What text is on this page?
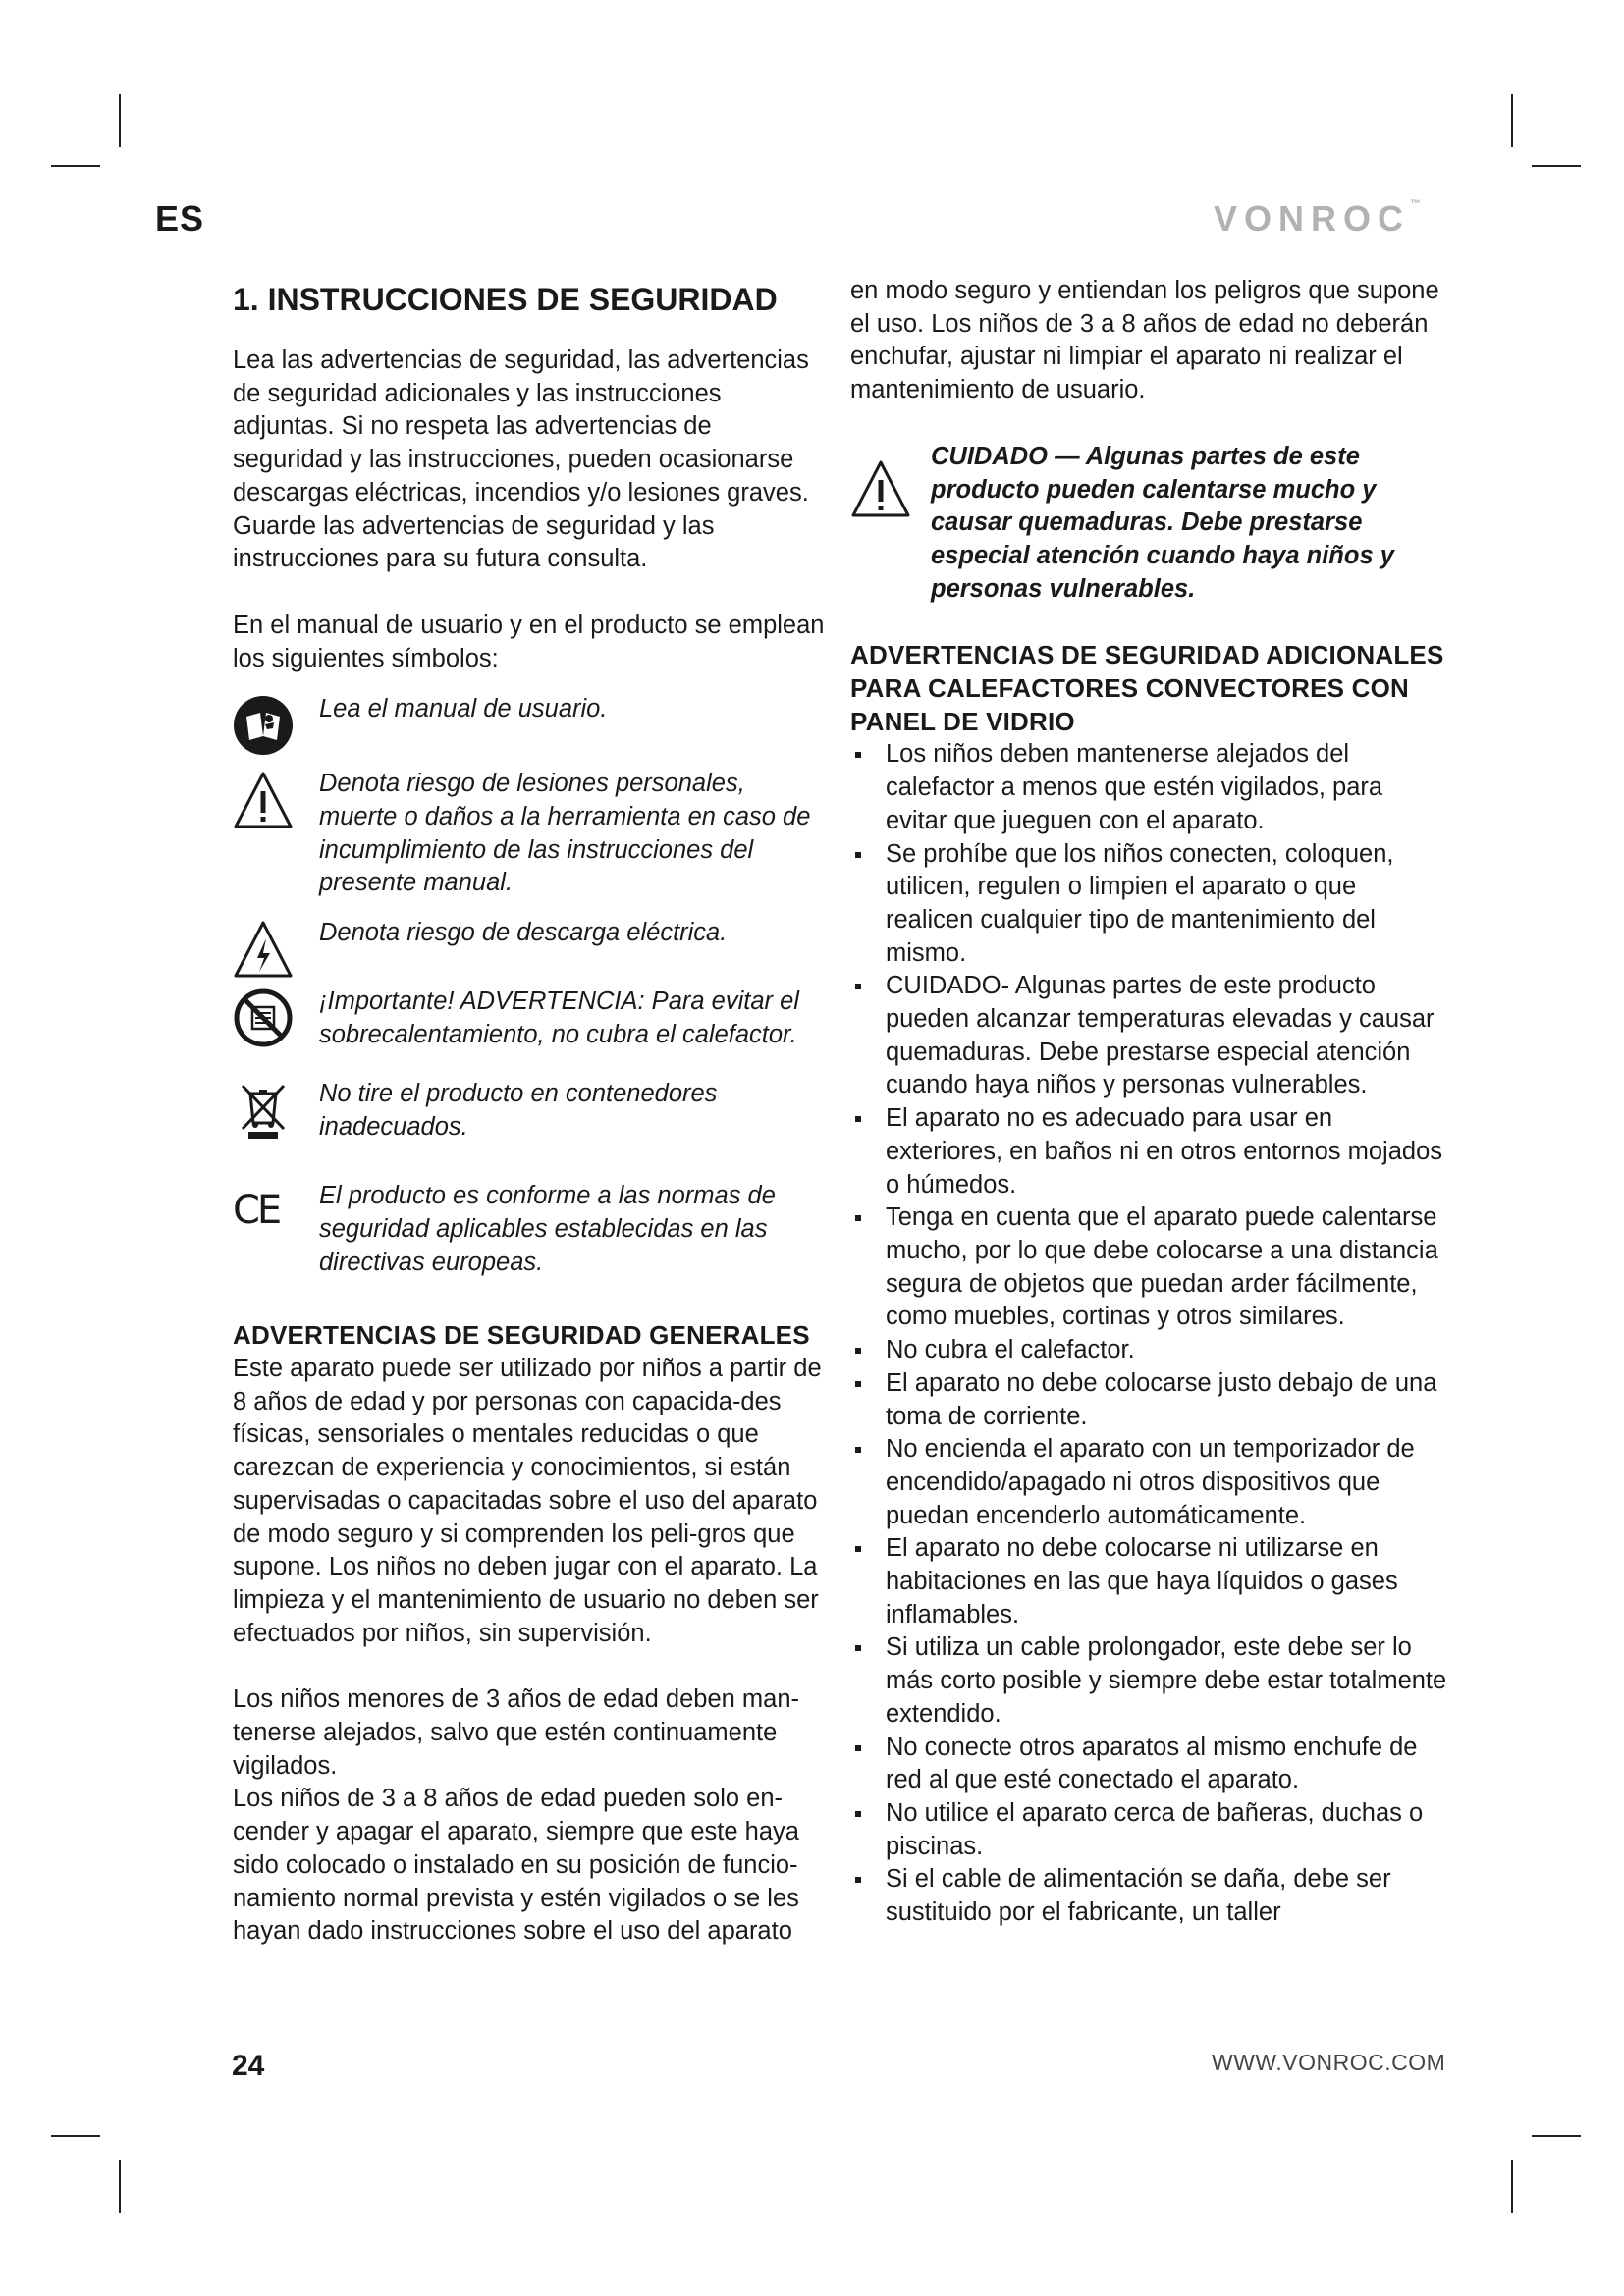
ES	VONROC™
1. INSTRUCCIONES DE SEGURIDAD

Lea las advertencias de seguridad, las advertencias de seguridad adicionales y las instrucciones adjuntas. Si no respeta las advertencias de seguridad y las instrucciones, pueden ocasionarse descargas eléctricas, incendios y/o lesiones graves. Guarde las advertencias de seguridad y las instrucciones para su futura consulta.

En el manual de usuario y en el producto se emplean los siguientes símbolos:

Lea el manual de usuario.
Denota riesgo de lesiones personales, muerte o daños a la herramienta en caso de incumplimiento de las instrucciones del presente manual.
Denota riesgo de descarga eléctrica.
¡Importante! ADVERTENCIA: Para evitar el sobrecalentamiento, no cubra el calefactor.
No tire el producto en contenedores inadecuados.
CE	El producto es conforme a las normas de seguridad aplicables establecidas en las directivas europeas.
ADVERTENCIAS DE SEGURIDAD GENERALES

Este aparato puede ser utilizado por niños a partir de 8 años de edad y por personas con capacida-des físicas, sensoriales o mentales reducidas o que carezcan de experiencia y conocimientos, si están supervisadas o capacitadas sobre el uso del aparato de modo seguro y si comprenden los peli-gros que supone. Los niños no deben jugar con el aparato. La limpieza y el mantenimiento de usuario no deben ser efectuados por niños, sin supervisión.

Los niños menores de 3 años de edad deben man-tenerse alejados, salvo que estén continuamente vigilados.

Los niños de 3 a 8 años de edad pueden solo en-cender y apagar el aparato, siempre que este haya sido colocado o instalado en su posición de funcio-namiento normal prevista y estén vigilados o se les hayan dado instrucciones sobre el uso del aparato

en modo seguro y entiendan los peligros que supone el uso. Los niños de 3 a 8 años de edad no deberán enchufar, ajustar ni limpiar el aparato ni realizar el mantenimiento de usuario.

CUIDADO — Algunas partes de este producto pueden calentarse mucho y causar quemaduras. Debe prestarse especial atención cuando haya niños y personas vulnerables.
ADVERTENCIAS DE SEGURIDAD ADICIONALES PARA CALEFACTORES CONVECTORES CON PANEL DE VIDRIO
Los niños deben mantenerse alejados del calefactor a menos que estén vigilados, para evitar que jueguen con el aparato.
Se prohíbe que los niños conecten, coloquen, utilicen, regulen o limpien el aparato o que realicen cualquier tipo de mantenimiento del mismo.
CUIDADO- Algunas partes de este producto pueden alcanzar temperaturas elevadas y causar quemaduras. Debe prestarse especial atención cuando haya niños y personas vulnerables.
El aparato no es adecuado para usar en exteriores, en baños ni en otros entornos mojados o húmedos.
Tenga en cuenta que el aparato puede calentarse mucho, por lo que debe colocarse a una distancia segura de objetos que puedan arder fácilmente, como muebles, cortinas y otros similares.
No cubra el calefactor.
El aparato no debe colocarse justo debajo de una toma de corriente.
No encienda el aparato con un temporizador de encendido/apagado ni otros dispositivos que puedan encenderlo automáticamente.
El aparato no debe colocarse ni utilizarse en habitaciones en las que haya líquidos o gases inflamables.
Si utiliza un cable prolongador, este debe ser lo más corto posible y siempre debe estar totalmente extendido.
No conecte otros aparatos al mismo enchufe de red al que esté conectado el aparato.
No utilice el aparato cerca de bañeras, duchas o piscinas.
Si el cable de alimentación se daña, debe ser sustituido por el fabricante, un taller
24	WWW.VONROC.COM
